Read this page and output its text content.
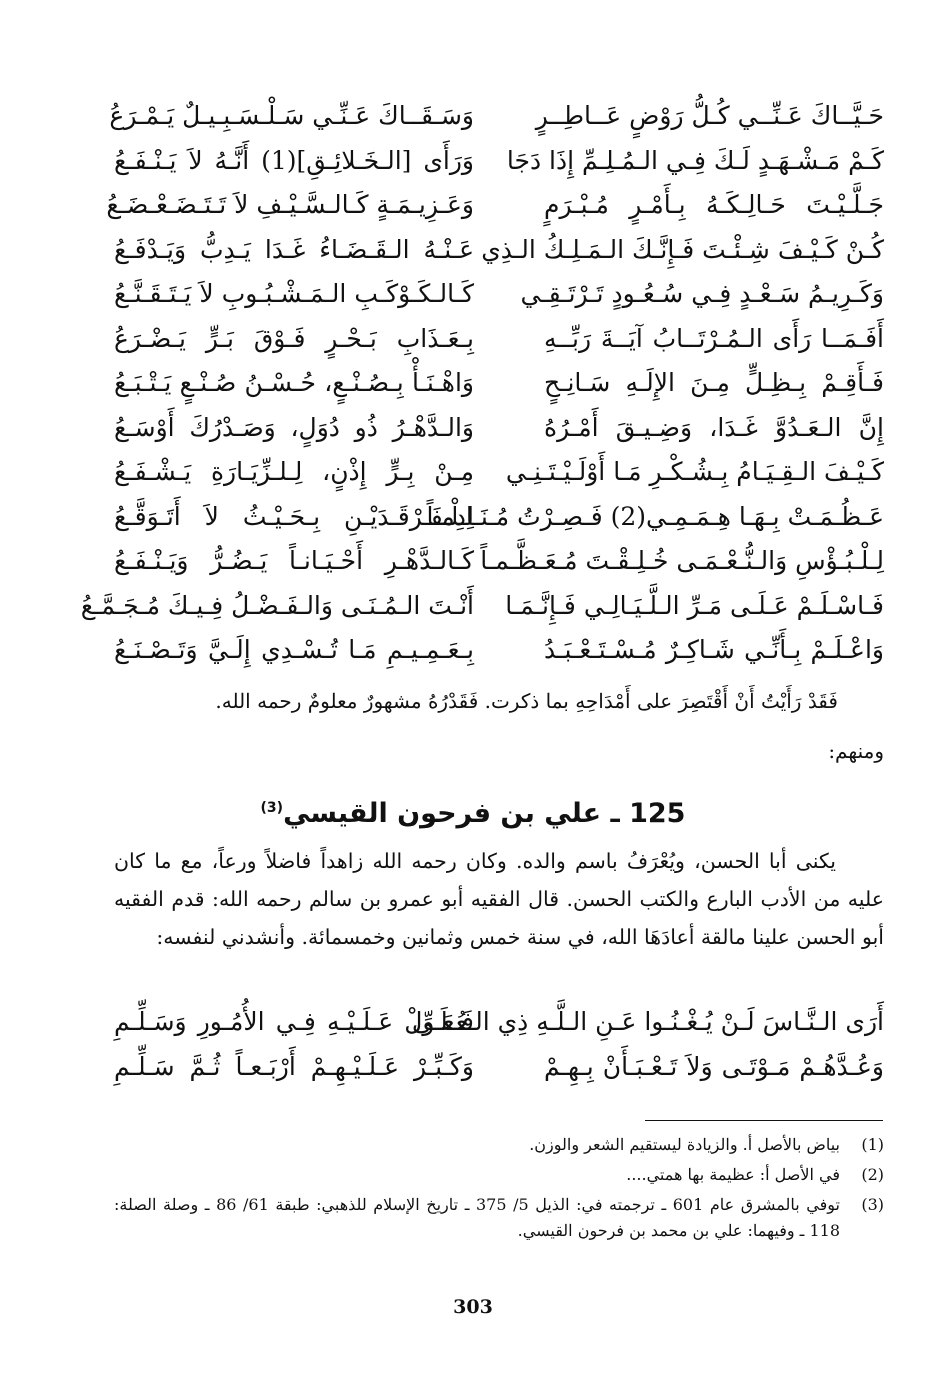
حَـيَّــاكَ عَـنِّــي كُـلُّ رَوْضٍ عَــاطِــرٍ
وَسَـقَــاكَ عَـنِّـي سَـلْـسَـبِـيـلٌ يَـمْـرَعُ
كَـمْ مَـشْـهَـدٍ لَـكَ فِـي الـمُـلِـمِّ إِذَا دَجَا
وَرَأَى [الـخَـلائِـقِ](1) أَنَّـهُ لاَ يَـنْـفَـعُ
جَـلَّـيْـتَ حَـالِـكَـهُ بِـأَمْـرٍ مُـبْـرَمٍ
وَعَـزِيـمَـةٍ كَـالـسَّـيْـفِ لاَ تَـتَـضَـعْـضَـعُ
كُـنْ كَـيْـفَ شِـئْـتَ فَـإِنَّـكَ الـمَـلِـكُ الـذِي
عَـنْـهُ الـقَـضَـاءُ غَـدَا يَـدِبُّ وَيَـدْفَـعُ
وَكَـرِيـمُ سَـعْـدٍ فِـي سُـعُـودٍ تَـرْتَـقِـي
كَـالـكَـوْكَـبِ الـمَـشْـبُـوبِ لاَ يَـتَـقَـنَّـعُ
أَفَـمَــا رَأَى الـمُـرْتَــابُ آيَــةَ رَبِّــهِ
بِـعَـذَابِ بَـحْـرٍ فَـوْقَ بَـرٍّ يَـضْـرَعُ
فَـأَقِـمْ بِـظِـلٍّ مِـنَ الإِلَـهِ سَـانِـحٍ
وَاهْـنَـأْ بِـصُـنْـعٍ، حُـسْـنُ صُـنْـعٍ يَـتْـبَـعُ
إِنَّ الـعَـدُوَّ غَـدَا، وَضِـيـقَ أَمْـرُهُ
وَالـدَّهْـرُ ذُو دُوَلٍ، وَصَـدْرُكَ أَوْسَـعُ
كَـيْـفَ الـقِـيَـامُ بِـشُـكْـرِ مَـا أَوْلَـيْـتَـنِـي
مِـنْ بِـرٍّ إِذْنٍ، لِـلـزِّيَـارَةِ يَـشْـفَـعُ
عَـظُـمَـتْ بِـهَـا هِـمَـمِـي(2) فَـصِـرْتُ مُـنَـادِمـاً
لِـلْـفَـرْقَـدَيْـنِ بِـحَـيْـثُ لاَ أَتَـوَقَّـعُ
لِـلْـبُـؤْسِ وَالـنُّـعْـمَـى خُـلِـقْـتَ مُـعَـظَّـمـاً
كَـالـدَّهْـرِ أَحْـيَـانـاً يَـضُـرُّ وَيَـنْـفَـعُ
فَـاسْـلَـمْ عَـلَـى مَـرِّ الـلَّـيَـالِـي فَـإِنَّـمَـا
أَنْـتَ الـمُـنَـى وَالـفَـضْـلُ فِـيـكَ مُـجَـمَّـعُ
وَاعْـلَـمْ بِـأَنِّـي شَـاكِـرٌ مُـسْـتَـعْـبَـدُ
بِـعَـمِـيـمِ مَـا تُـسْـدِي إِلَـيَّ وَتَـصْـنَـعُ
فَقَدْ رَأَيْتُ أَنْ أَقْتَصِرَ على أَمْدَاحِهِ بما ذكرت. فَقَدْرُهُ مشهورٌ معلومٌ رحمه الله.
ومنهم:
125 ـ علي بن فرحون القيسي$^{(3)}$

يكنى أبا الحسن، ويُعْرَفُ باسم والده. وكان رحمه الله زاهداً فاضلاً ورعاً، مع ما كان عليه من الأدب البارع والكتب الحسن. قال الفقيه أبو عمرو بن سالم رحمه الله: قدم الفقيه أبو الحسن علينا مالقة أعادَهَا الله، في سنة خمس وثمانين وخمسمائة. وأنشدني لنفسه:

أَرَى الـنَّـاسَ لَـنْ يُـغْـنُـوا عَـنِ الـلَّـهِ ذِي الـعُـلَـى
فَـعَـوِّلْ عَـلَـيْـهِ فِـي الأُمُـورِ وَسَـلِّـمِ
وَعُـدَّهُـمْ مَـوْتَـى وَلاَ تَـعْـبَـأَنْ بِـهِـمْ
وَكَـبِّـرْ عَـلَـيْـهِـمْ أَرْبَـعـاً ثُـمَّ سَـلِّـمِ
(1)
بياض بالأصل أ. والزيادة ليستقيم الشعر والوزن.
(2)
في الأصل أ: عظيمة بها همتي....
(3)
توفي بالمشرق عام 601 ـ ترجمته في: الذيل 5/ 375 ـ تاريخ الإسلام للذهبي: طبقة 61/ 86 ـ وصلة الصلة: 118 ـ وفيهما: علي بن محمد بن فرحون القيسي.
303
